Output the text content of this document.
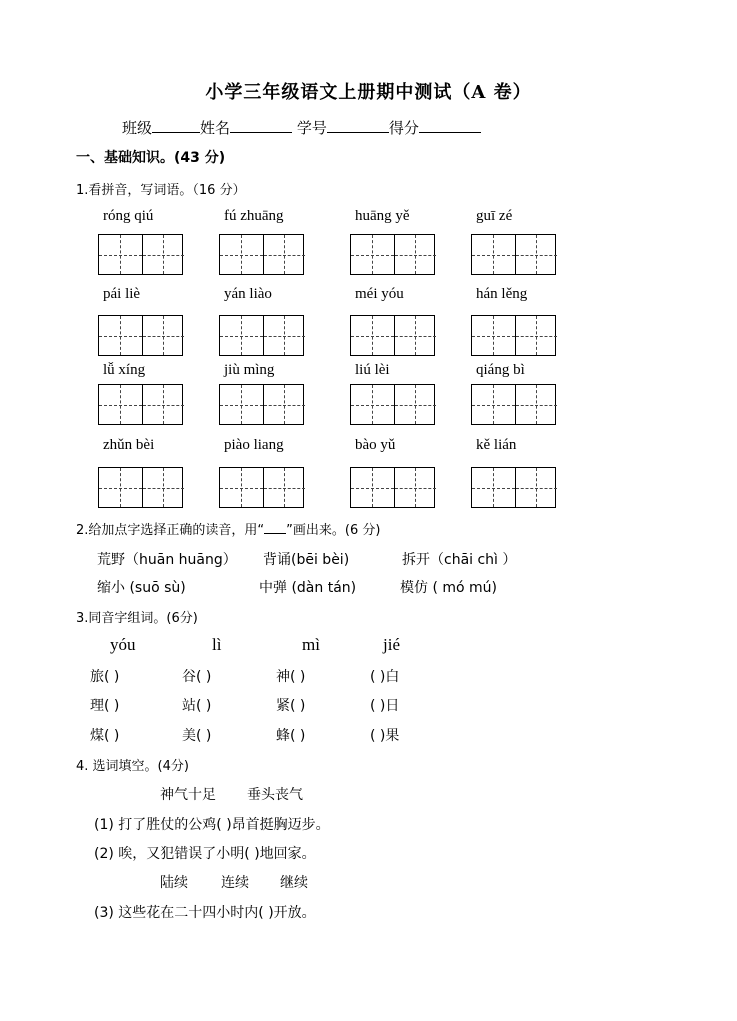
小学三年级语文上册期中测试（A 卷）
班级	姓名	学号	得分
一、基础知识。(43 分)
1.看拼音，写词语。（16 分）
róng qiú	fú zhuāng	huāng yě	guī zé
pái liè	yán liào	méi yóu	hán lěng
lǚ xíng	jiù mìng	liú lèi	qiáng bì
zhǔn bèi	piào liang	bào yǔ	kě lián
2.给加点字选择正确的读音，用“ ”画出来。(6 分)
荒野（huān huāng） 背诵(bēi bèi)	拆开（chāi chì ）
缩小 (suō sù)	中弹 (dàn tán)	模仿 ( mó mú)
3.同音字组词。(6分)
yóu	lì	mì	jié
旅( )	谷( )	神( )	( )白
理( )	站( )	紧( )	( )日
煤( )	美( )	蜂( )	( )果
4. 选词填空。(4分)
神气十足 垂头丧气
(1) 打了胜仗的公鸡( )昂首挺胸迈步。
(2) 唉，又犯错误了小明( )地回家。
陆续 连续 继续
(3) 这些花在二十四小时内( )开放。
